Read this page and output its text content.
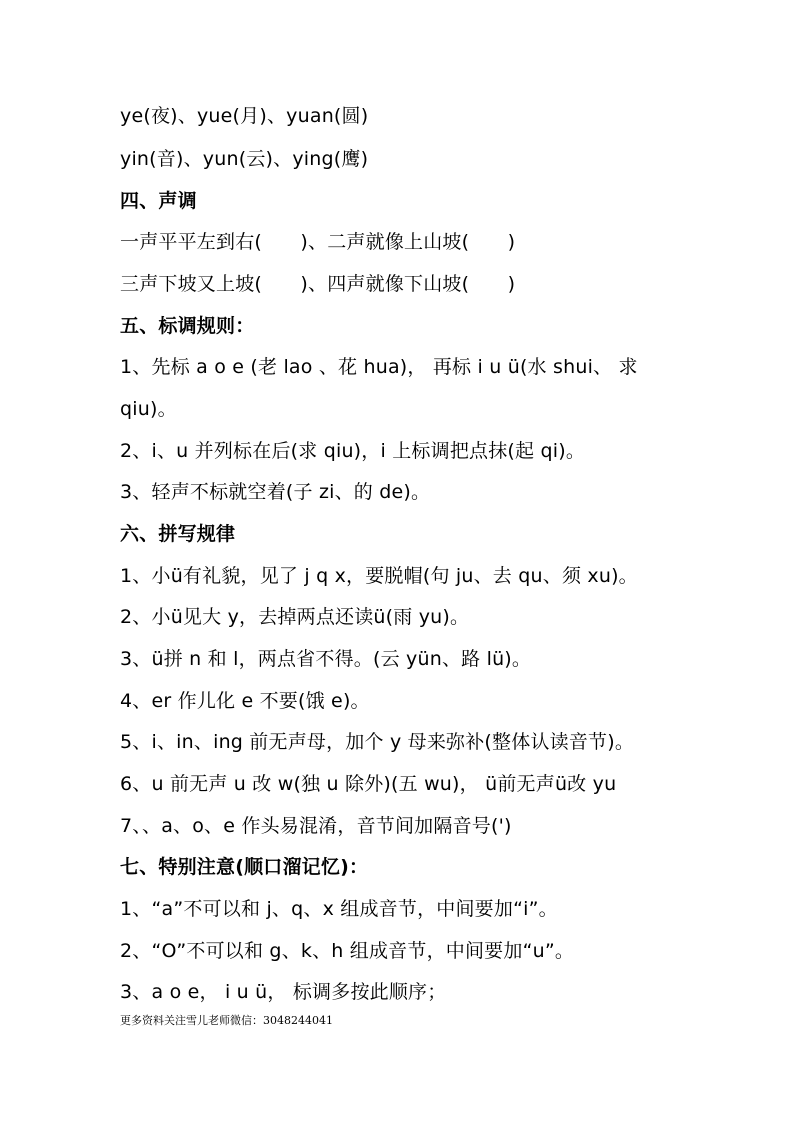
ye(夜)、yue(月)、yuan(圆)
yin(音)、yun(云)、ying(鹰)
四、声调
一声平平左到右(　　)、二声就像上山坡(　　)
三声下坡又上坡(　　)、四声就像下山坡(　　)
五、标调规则：
1、先标 a o e (老 lao 、花 hua)， 再标 i u ü(水 shui、 求
qiu)。
2、i、u 并列标在后(求 qiu)，i 上标调把点抹(起 qi)。
3、轻声不标就空着(子 zi、的 de)。
六、拼写规律
1、小ü有礼貌，见了 j q x，要脱帽(句 ju、去 qu、须 xu)。
2、小ü见大 y，去掉两点还读ü(雨 yu)。
3、ü拼 n 和 l，两点省不得。(云 yün、路 lü)。
4、er 作儿化 e 不要(饿 e)。
5、i、in、ing 前无声母，加个 y 母来弥补(整体认读音节)。
6、u 前无声 u 改 w(独 u 除外)(五 wu)， ü前无声ü改 yu
7、、a、o、e 作头易混淆，音节间加隔音号(')
七、特别注意(顺口溜记忆)：
1、“a”不可以和 j、q、x 组成音节，中间要加“i”。
2、“O”不可以和 g、k、h 组成音节，中间要加“u”。
3、a o e， i u ü， 标调多按此顺序；
更多资料关注雪儿老师微信：3048244041
